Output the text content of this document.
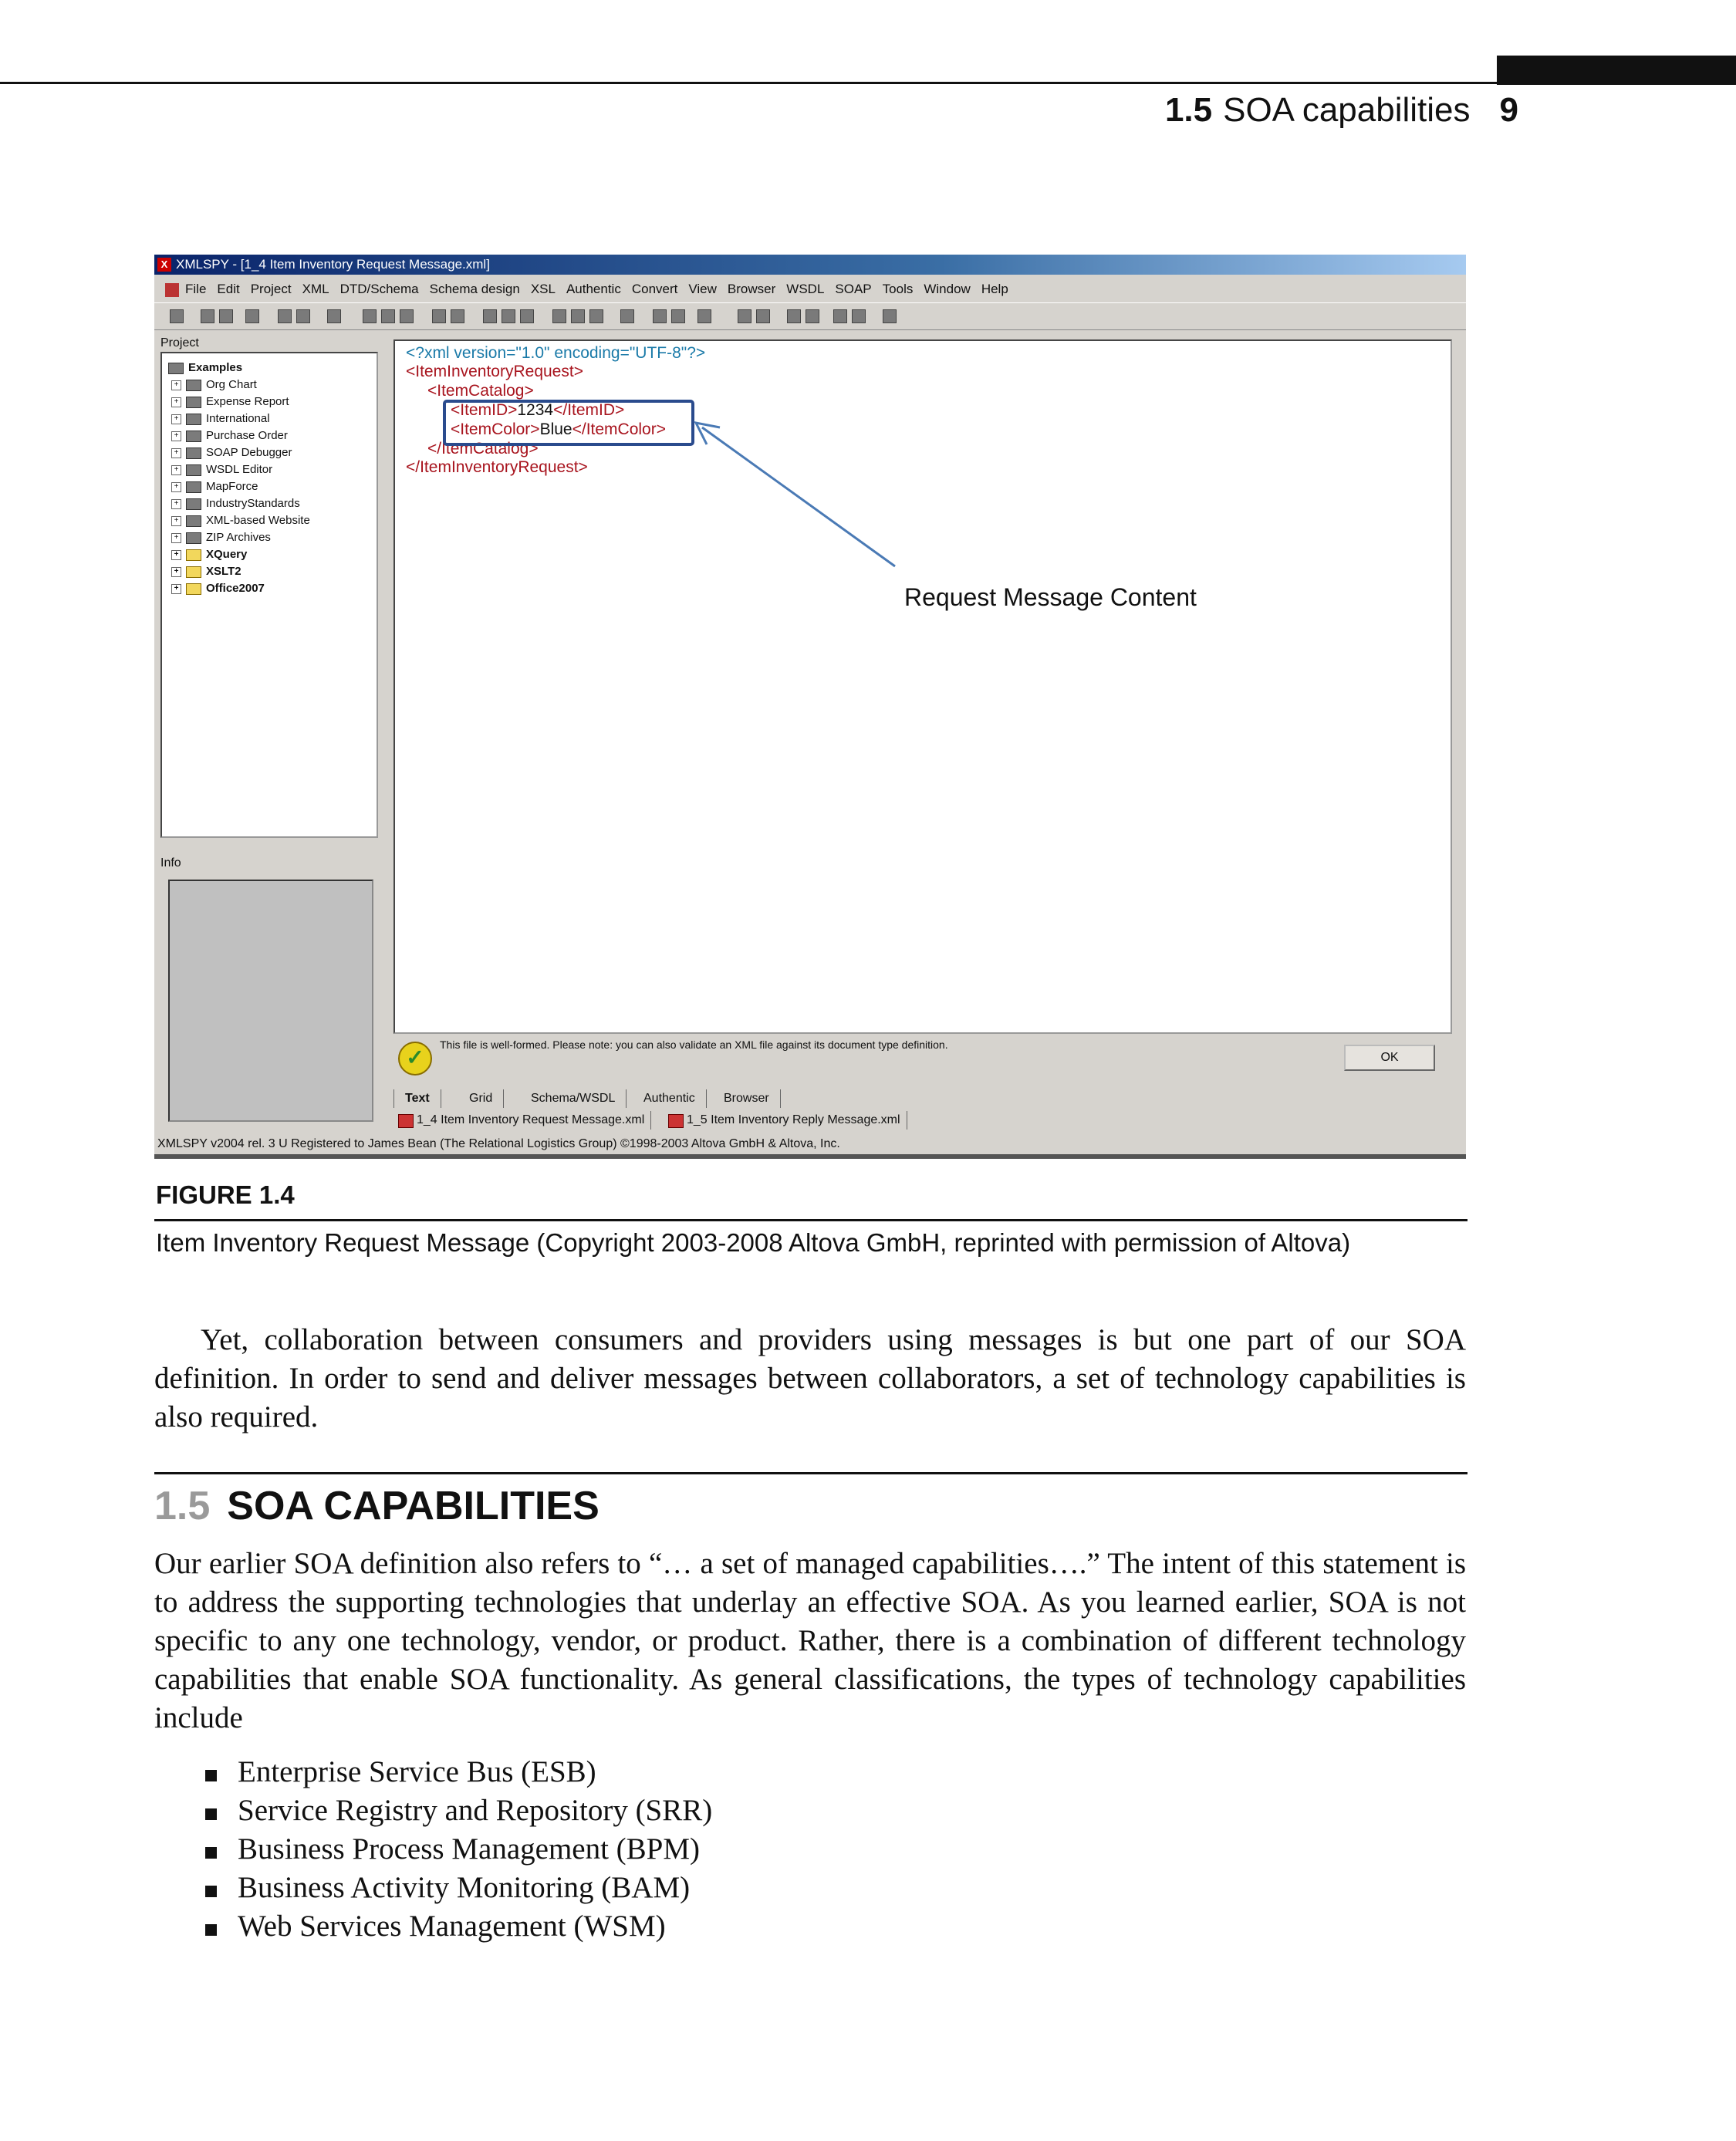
1.5 SOA capabilities 9
X XMLSPY - [1_4 Item Inventory Request Message.xml]
File Edit Project XML DTD/Schema Schema design XSL Authentic Convert View Browser WSDL SOAP Tools Window Help
Project
Examples
+ Org Chart
+ Expense Report
+ International
+ Purchase Order
+ SOAP Debugger
+ WSDL Editor
+ MapForce
+ IndustryStandards
+ XML-based Website
+ ZIP Archives
+ XQuery
+ XSLT2
+ Office2007
Info
<?xml version="1.0" encoding="UTF-8"?>
<ItemInventoryRequest>
<ItemCatalog>
<ItemID>1234</ItemID>
<ItemColor>Blue</ItemColor>
</ItemCatalog>
</ItemInventoryRequest>
Request Message Content
✓
This file is well-formed. Please note: you can also validate an XML file against its document type definition.
OK
Text	Grid	Schema/WSDL	Authentic	Browser
1_4 Item Inventory Request Message.xml	1_5 Item Inventory Reply Message.xml
XMLSPY v2004 rel. 3 U Registered to James Bean (The Relational Logistics Group) ©1998-2003 Altova GmbH & Altova, Inc.
FIGURE 1.4
Item Inventory Request Message (Copyright 2003-2008 Altova GmbH, reprinted with permission of Altova)

Yet, collaboration between consumers and providers using messages is but one part of our SOA definition. In order to send and deliver messages between collaborators, a set of technology capabilities is also required.

1.5 SOA CAPABILITIES

Our earlier SOA definition also refers to “… a set of managed capabilities….” The intent of this statement is to address the supporting technologies that underlay an effective SOA. As you learned earlier, SOA is not specific to any one technology, vendor, or product. Rather, there is a combination of different technology capabilities that enable SOA functionality. As general classifications, the types of technology capabilities include

Enterprise Service Bus (ESB)
Service Registry and Repository (SRR)
Business Process Management (BPM)
Business Activity Monitoring (BAM)
Web Services Management (WSM)
